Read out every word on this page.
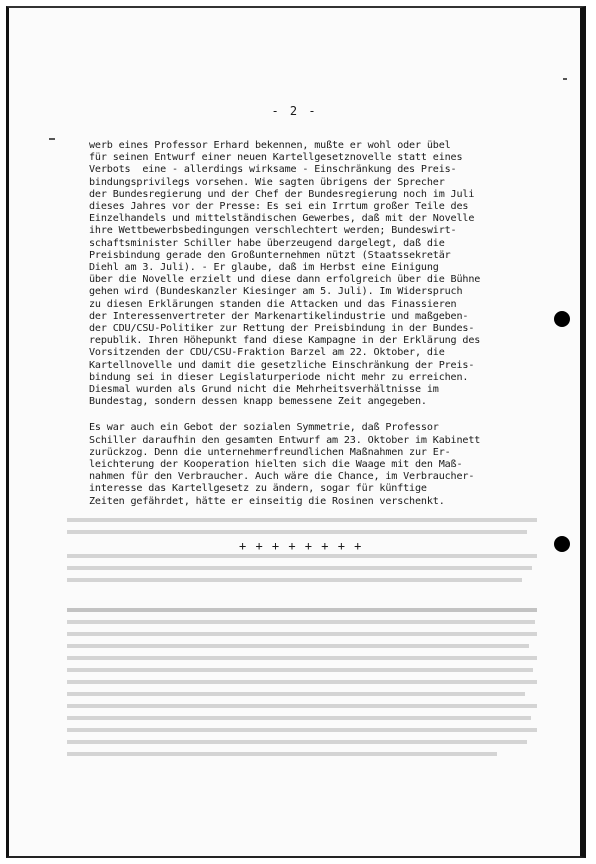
- 2 -
werb eines Professor Erhard bekennen, mußte er wohl oder übel
für seinen Entwurf einer neuen Kartellgesetznovelle statt eines
Verbots  eine - allerdings wirksame - Einschränkung des Preis-
bindungsprivilegs vorsehen. Wie sagten übrigens der Sprecher
der Bundesregierung und der Chef der Bundesregierung noch im Juli
dieses Jahres vor der Presse: Es sei ein Irrtum großer Teile des
Einzelhandels und mittelständischen Gewerbes, daß mit der Novelle
ihre Wettbewerbsbedingungen verschlechtert werden; Bundeswirt-
schaftsminister Schiller habe überzeugend dargelegt, daß die
Preisbindung gerade den Großunternehmen nützt (Staatssekretär
Diehl am 3. Juli). - Er glaube, daß im Herbst eine Einigung
über die Novelle erzielt und diese dann erfolgreich über die Bühne
gehen wird (Bundeskanzler Kiesinger am 5. Juli). Im Widerspruch
zu diesen Erklärungen standen die Attacken und das Finassieren
der Interessenvertreter der Markenartikelindustrie und maßgeben-
der CDU/CSU-Politiker zur Rettung der Preisbindung in der Bundes-
republik. Ihren Höhepunkt fand diese Kampagne in der Erklärung des
Vorsitzenden der CDU/CSU-Fraktion Barzel am 22. Oktober, die
Kartellnovelle und damit die gesetzliche Einschränkung der Preis-
bindung sei in dieser Legislaturperiode nicht mehr zu erreichen.
Diesmal wurden als Grund nicht die Mehrheitsverhältnisse im
Bundestag, sondern dessen knapp bemessene Zeit angegeben.
Es war auch ein Gebot der sozialen Symmetrie, daß Professor
Schiller daraufhin den gesamten Entwurf am 23. Oktober im Kabinett
zurückzog. Denn die unternehmerfreundlichen Maßnahmen zur Er-
leichterung der Kooperation hielten sich die Waage mit den Maß-
nahmen für den Verbraucher. Auch wäre die Chance, im Verbraucher-
interesse das Kartellgesetz zu ändern, sogar für künftige
Zeiten gefährdet, hätte er einseitig die Rosinen verschenkt.
+ + + + + + + +
